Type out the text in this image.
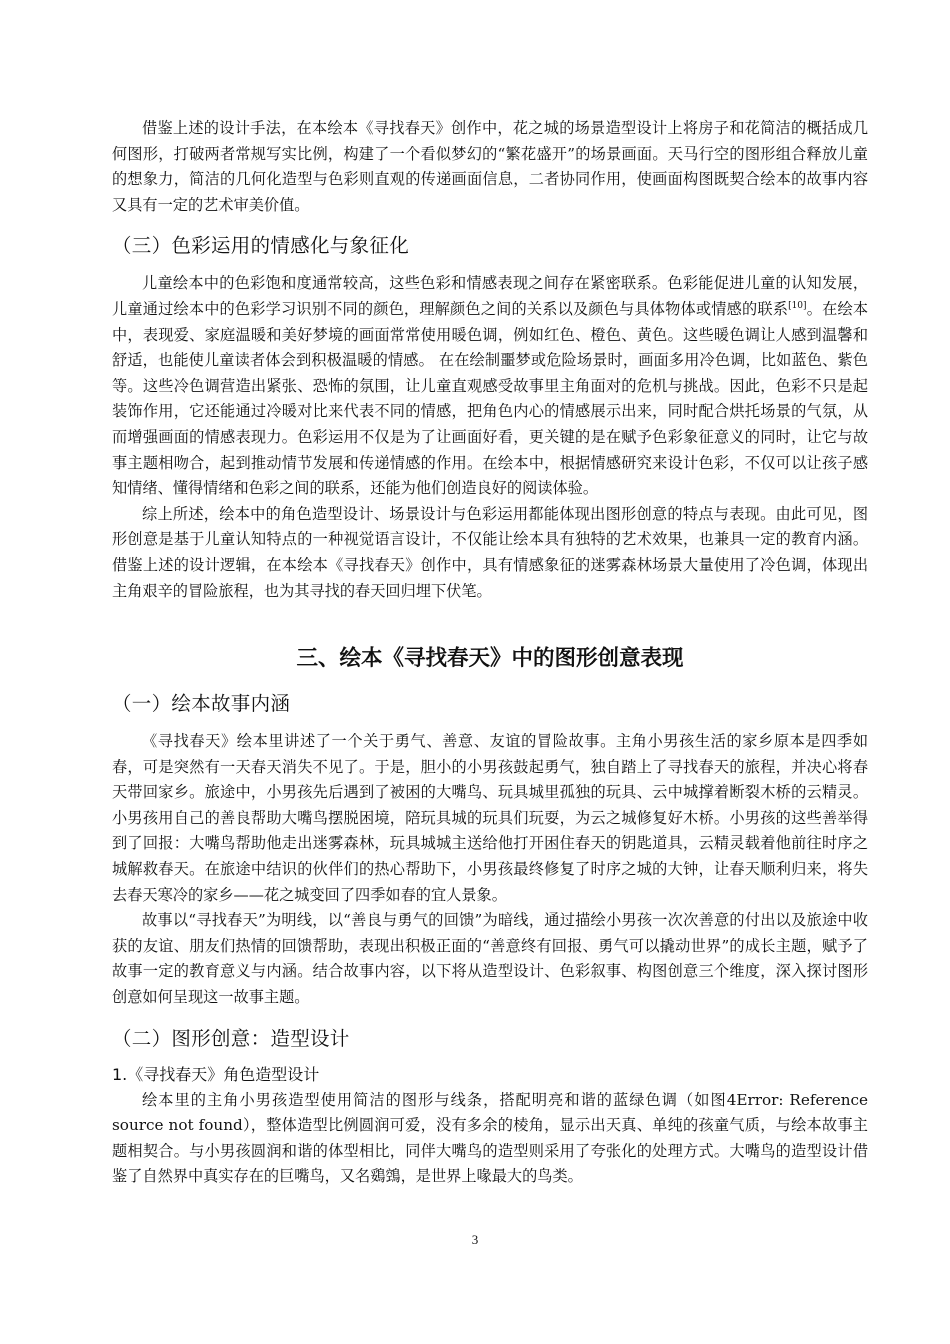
借鉴上述的设计手法，在本绘本《寻找春天》创作中，花之城的场景造型设计上将房子和花简洁的概括成几何图形，打破两者常规写实比例，构建了一个看似梦幻的“繁花盛开”的场景画面。天马行空的图形组合释放儿童的想象力，简洁的几何化造型与色彩则直观的传递画面信息，二者协同作用，使画面构图既契合绘本的故事内容又具有一定的艺术审美价值。

（三）色彩运用的情感化与象征化

儿童绘本中的色彩饱和度通常较高，这些色彩和情感表现之间存在紧密联系。色彩能促进儿童的认知发展，儿童通过绘本中的色彩学习识别不同的颜色，理解颜色之间的关系以及颜色与具体物体或情感的联系[10]。在绘本中，表现爱、家庭温暖和美好梦境的画面常常使用暖色调，例如红色、橙色、黄色。这些暖色调让人感到温馨和舒适，也能使儿童读者体会到积极温暖的情感。 在在绘制噩梦或危险场景时，画面多用冷色调，比如蓝色、紫色等。这些冷色调营造出紧张、恐怖的氛围，让儿童直观感受故事里主角面对的危机与挑战。因此，色彩不只是起装饰作用，它还能通过冷暖对比来代表不同的情感，把角色内心的情感展示出来，同时配合烘托场景的气氛，从而增强画面的情感表现力。色彩运用不仅是为了让画面好看，更关键的是在赋予色彩象征意义的同时，让它与故事主题相吻合，起到推动情节发展和传递情感的作用。在绘本中，根据情感研究来设计色彩，不仅可以让孩子感知情绪、懂得情绪和色彩之间的联系，还能为他们创造良好的阅读体验。

综上所述，绘本中的角色造型设计、场景设计与色彩运用都能体现出图形创意的特点与表现。由此可见，图形创意是基于儿童认知特点的一种视觉语言设计，不仅能让绘本具有独特的艺术效果，也兼具一定的教育内涵。借鉴上述的设计逻辑，在本绘本《寻找春天》创作中，具有情感象征的迷雾森林场景大量使用了冷色调，体现出主角艰辛的冒险旅程，也为其寻找的春天回归埋下伏笔。

三、绘本《寻找春天》中的图形创意表现
（一）绘本故事内涵

《寻找春天》绘本里讲述了一个关于勇气、善意、友谊的冒险故事。主角小男孩生活的家乡原本是四季如春，可是突然有一天春天消失不见了。于是，胆小的小男孩鼓起勇气，独自踏上了寻找春天的旅程，并决心将春天带回家乡。旅途中，小男孩先后遇到了被困的大嘴鸟、玩具城里孤独的玩具、云中城撑着断裂木桥的云精灵。小男孩用自己的善良帮助大嘴鸟摆脱困境，陪玩具城的玩具们玩耍，为云之城修复好木桥。小男孩的这些善举得到了回报：大嘴鸟帮助他走出迷雾森林，玩具城城主送给他打开困住春天的钥匙道具，云精灵载着他前往时序之城解救春天。在旅途中结识的伙伴们的热心帮助下，小男孩最终修复了时序之城的大钟，让春天顺利归来，将失去春天寒冷的家乡——花之城变回了四季如春的宜人景象。

故事以“寻找春天”为明线，以“善良与勇气的回馈”为暗线，通过描绘小男孩一次次善意的付出以及旅途中收获的友谊、朋友们热情的回馈帮助，表现出积极正面的“善意终有回报、勇气可以撬动世界”的成长主题，赋予了故事一定的教育意义与内涵。结合故事内容，以下将从造型设计、色彩叙事、构图创意三个维度，深入探讨图形创意如何呈现这一故事主题。

（二）图形创意：造型设计
1.《寻找春天》角色造型设计

绘本里的主角小男孩造型使用简洁的图形与线条，搭配明亮和谐的蓝绿色调（如图4Error: Reference source not found），整体造型比例圆润可爱，没有多余的棱角，显示出天真、单纯的孩童气质，与绘本故事主题相契合。与小男孩圆润和谐的体型相比，同伴大嘴鸟的造型则采用了夸张化的处理方式。大嘴鸟的造型设计借鉴了自然界中真实存在的巨嘴鸟，又名鵎鵼，是世界上喙最大的鸟类。

3
